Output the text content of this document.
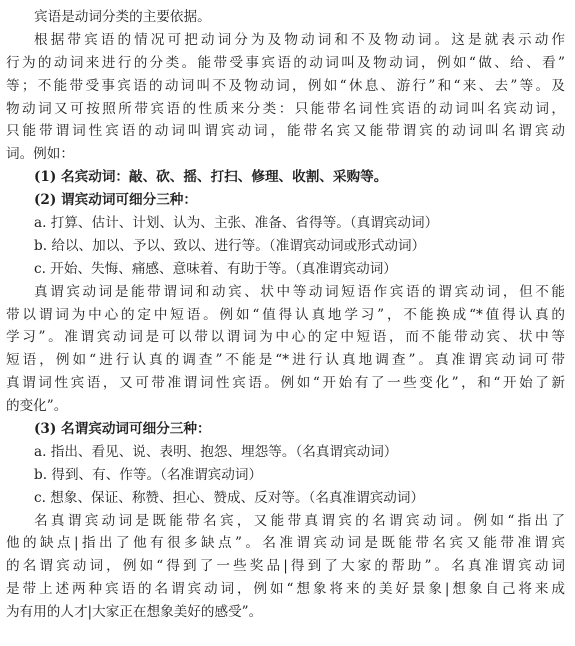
宾语是动词分类的主要依据。
根据带宾语的情况可把动词分为及物动词和不及物动词。这是就表示动作
行为的动词来进行的分类。能带受事宾语的动词叫及物动词，例如“做、给、看”
等；不能带受事宾语的动词叫不及物动词，例如“休息、游行”和“来、去”等。及
物动词又可按照所带宾语的性质来分类：只能带名词性宾语的动词叫名宾动词，
只能带谓词性宾语的动词叫谓宾动词，能带名宾又能带谓宾的动词叫名谓宾动
词。例如：
(1) 名宾动词：敲、砍、摇、打扫、修理、收割、采购等。
(2) 谓宾动词可细分三种：
a. 打算、估计、计划、认为、主张、准备、省得等。（真谓宾动词）
b. 给以、加以、予以、致以、进行等。（准谓宾动词或形式动词）
c. 开始、失悔、痛感、意味着、有助于等。（真准谓宾动词）
真谓宾动词是能带谓词和动宾、状中等动词短语作宾语的谓宾动词，但不能
带以谓词为中心的定中短语。例如“值得认真地学习”，不能换成“*值得认真的
学习”。准谓宾动词是可以带以谓词为中心的定中短语，而不能带动宾、状中等
短语，例如“进行认真的调查”不能是“*进行认真地调查”。真准谓宾动词可带
真谓词性宾语，又可带准谓词性宾语。例如“开始有了一些变化”，和“开始了新
的变化”。
(3) 名谓宾动词可细分三种：
a. 指出、看见、说、表明、抱怨、埋怨等。（名真谓宾动词）
b. 得到、有、作等。（名准谓宾动词）
c. 想象、保证、称赞、担心、赞成、反对等。（名真准谓宾动词）
名真谓宾动词是既能带名宾，又能带真谓宾的名谓宾动词。例如“指出了
他的缺点|指出了他有很多缺点”。名准谓宾动词是既能带名宾又能带准谓宾
的名谓宾动词，例如“得到了一些奖品|得到了大家的帮助”。名真准谓宾动词
是带上述两种宾语的名谓宾动词，例如“想象将来的美好景象|想象自己将来成
为有用的人才|大家正在想象美好的感受”。
